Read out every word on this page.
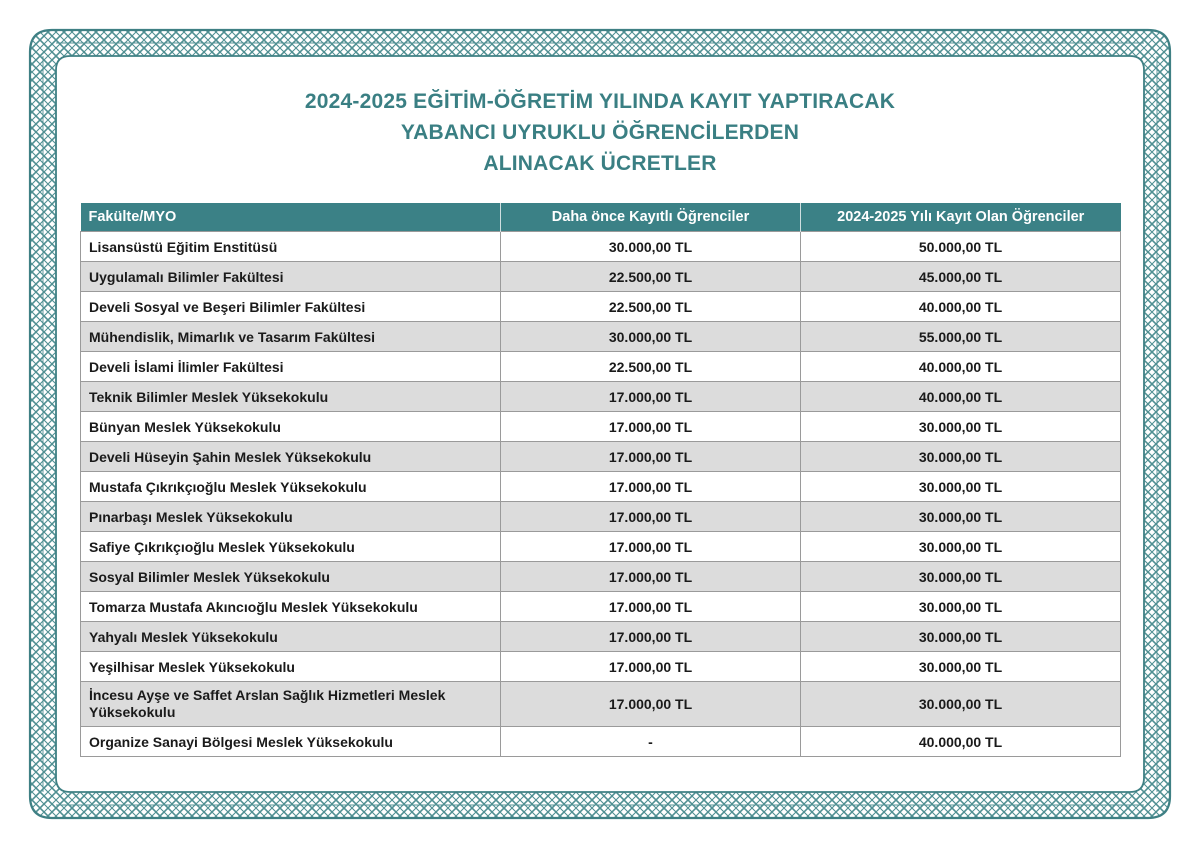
2024-2025 EĞİTİM-ÖĞRETİM YILINDA KAYIT YAPTIRACAK
YABANCI UYRUKLU ÖĞRENCİLERDEN
ALINACAK ÜCRETLER
Fakülte/MYO	Daha önce Kayıtlı Öğrenciler	2024-2025 Yılı Kayıt Olan Öğrenciler
Lisansüstü Eğitim Enstitüsü	30.000,00 TL	50.000,00 TL
Uygulamalı Bilimler Fakültesi	22.500,00 TL	45.000,00 TL
Develi Sosyal ve Beşeri Bilimler Fakültesi	22.500,00 TL	40.000,00 TL
Mühendislik, Mimarlık ve Tasarım Fakültesi	30.000,00 TL	55.000,00 TL
Develi İslami İlimler Fakültesi	22.500,00 TL	40.000,00 TL
Teknik Bilimler Meslek Yüksekokulu	17.000,00 TL	40.000,00 TL
Bünyan Meslek Yüksekokulu	17.000,00 TL	30.000,00 TL
Develi Hüseyin Şahin Meslek Yüksekokulu	17.000,00 TL	30.000,00 TL
Mustafa Çıkrıkçıoğlu Meslek Yüksekokulu	17.000,00 TL	30.000,00 TL
Pınarbaşı Meslek Yüksekokulu	17.000,00 TL	30.000,00 TL
Safiye Çıkrıkçıoğlu Meslek Yüksekokulu	17.000,00 TL	30.000,00 TL
Sosyal Bilimler Meslek Yüksekokulu	17.000,00 TL	30.000,00 TL
Tomarza Mustafa Akıncıoğlu Meslek Yüksekokulu	17.000,00 TL	30.000,00 TL
Yahyalı Meslek Yüksekokulu	17.000,00 TL	30.000,00 TL
Yeşilhisar Meslek Yüksekokulu	17.000,00 TL	30.000,00 TL
İncesu Ayşe ve Saffet Arslan Sağlık Hizmetleri Meslek Yüksekokulu	17.000,00 TL	30.000,00 TL
Organize Sanayi Bölgesi Meslek Yüksekokulu	-	40.000,00 TL
